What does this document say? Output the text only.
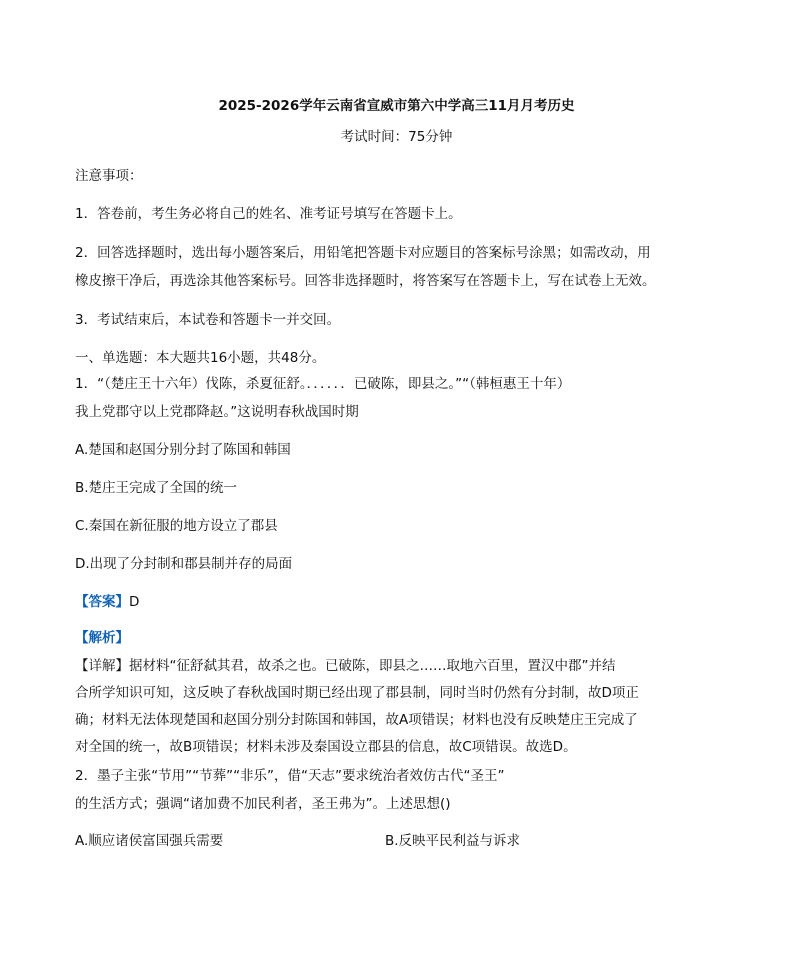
2025-2026学年云南省宣威市第六中学高三11月月考历史
考试时间：75分钟
注意事项：
1．答卷前，考生务必将自己的姓名、准考证号填写在答题卡上。
2．回答选择题时，选出每小题答案后，用铅笔把答题卡对应题目的答案标号涂黑；如需改动，用
橡皮擦干净后，再选涂其他答案标号。回答非选择题时，将答案写在答题卡上，写在试卷上无效。
3．考试结束后，本试卷和答题卡一并交回。
一、单选题：本大题共16小题，共48分。
1．“（楚庄王十六年）伐陈，杀夏征舒。．．．．．．已破陈，即县之。”“（韩桓惠王十年）
我上党郡守以上党郡降赵。”这说明春秋战国时期
A.楚国和赵国分别分封了陈国和韩国
B.楚庄王完成了全国的统一
C.秦国在新征服的地方设立了郡县
D.出现了分封制和郡县制并存的局面
【答案】D
【解析】
【详解】据材料“征舒弑其君，故杀之也。已破陈，即县之……取地六百里，置汉中郡”并结
合所学知识可知，这反映了春秋战国时期已经出现了郡县制，同时当时仍然有分封制，故D项正
确；材料无法体现楚国和赵国分别分封陈国和韩国，故A项错误；材料也没有反映楚庄王完成了
对全国的统一，故B项错误；材料未涉及秦国设立郡县的信息，故C项错误。故选D。
2．墨子主张“节用”“节葬”“非乐”，借“天志”要求统治者效仿古代“圣王”
的生活方式；强调“诸加费不加民利者，圣王弗为”。上述思想()
A.顺应诸侯富国强兵需要	B.反映平民利益与诉求
